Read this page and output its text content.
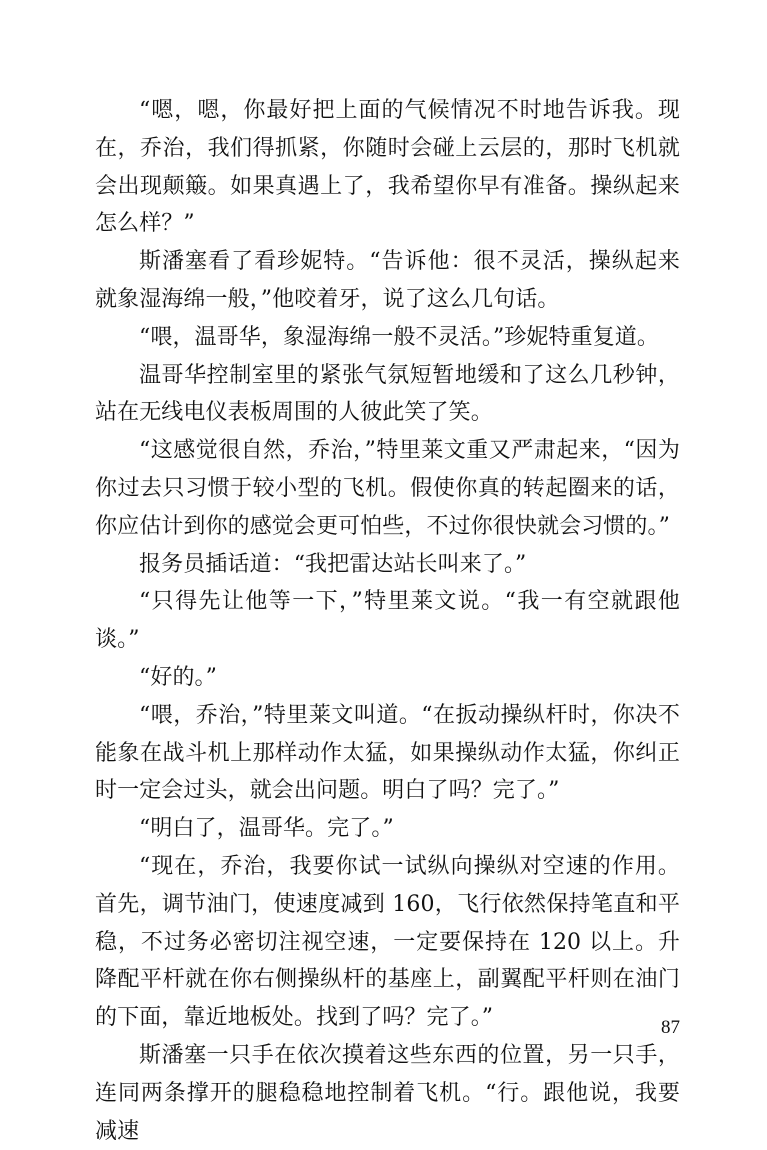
“嗯，嗯，你最好把上面的气候情况不时地告诉我。现在，乔治，我们得抓紧，你随时会碰上云层的，那时飞机就会出现颠簸。如果真遇上了，我希望你早有准备。操纵起来怎么样？”

斯潘塞看了看珍妮特。“告诉他：很不灵活，操纵起来就象湿海绵一般，”他咬着牙，说了这么几句话。

“喂，温哥华，象湿海绵一般不灵活。”珍妮特重复道。

温哥华控制室里的紧张气氛短暂地缓和了这么几秒钟，站在无线电仪表板周围的人彼此笑了笑。

“这感觉很自然，乔治，”特里莱文重又严肃起来，“因为你过去只习惯于较小型的飞机。假使你真的转起圈来的话，你应估计到你的感觉会更可怕些，不过你很快就会习惯的。”

报务员插话道：“我把雷达站长叫来了。”

“只得先让他等一下，”特里莱文说。“我一有空就跟他谈。”

“好的。”

“喂，乔治，”特里莱文叫道。“在扳动操纵杆时，你决不能象在战斗机上那样动作太猛，如果操纵动作太猛，你纠正时一定会过头，就会出问题。明白了吗？完了。”

“明白了，温哥华。完了。”

“现在，乔治，我要你试一试纵向操纵对空速的作用。首先，调节油门，使速度减到 160，飞行依然保持笔直和平稳，不过务必密切注视空速，一定要保持在 120 以上。升降配平杆就在你右侧操纵杆的基座上，副翼配平杆则在油门的下面，靠近地板处。找到了吗？完了。”

斯潘塞一只手在依次摸着这些东西的位置，另一只手，连同两条撑开的腿稳稳地控制着飞机。“行。跟他说，我要减速

87
